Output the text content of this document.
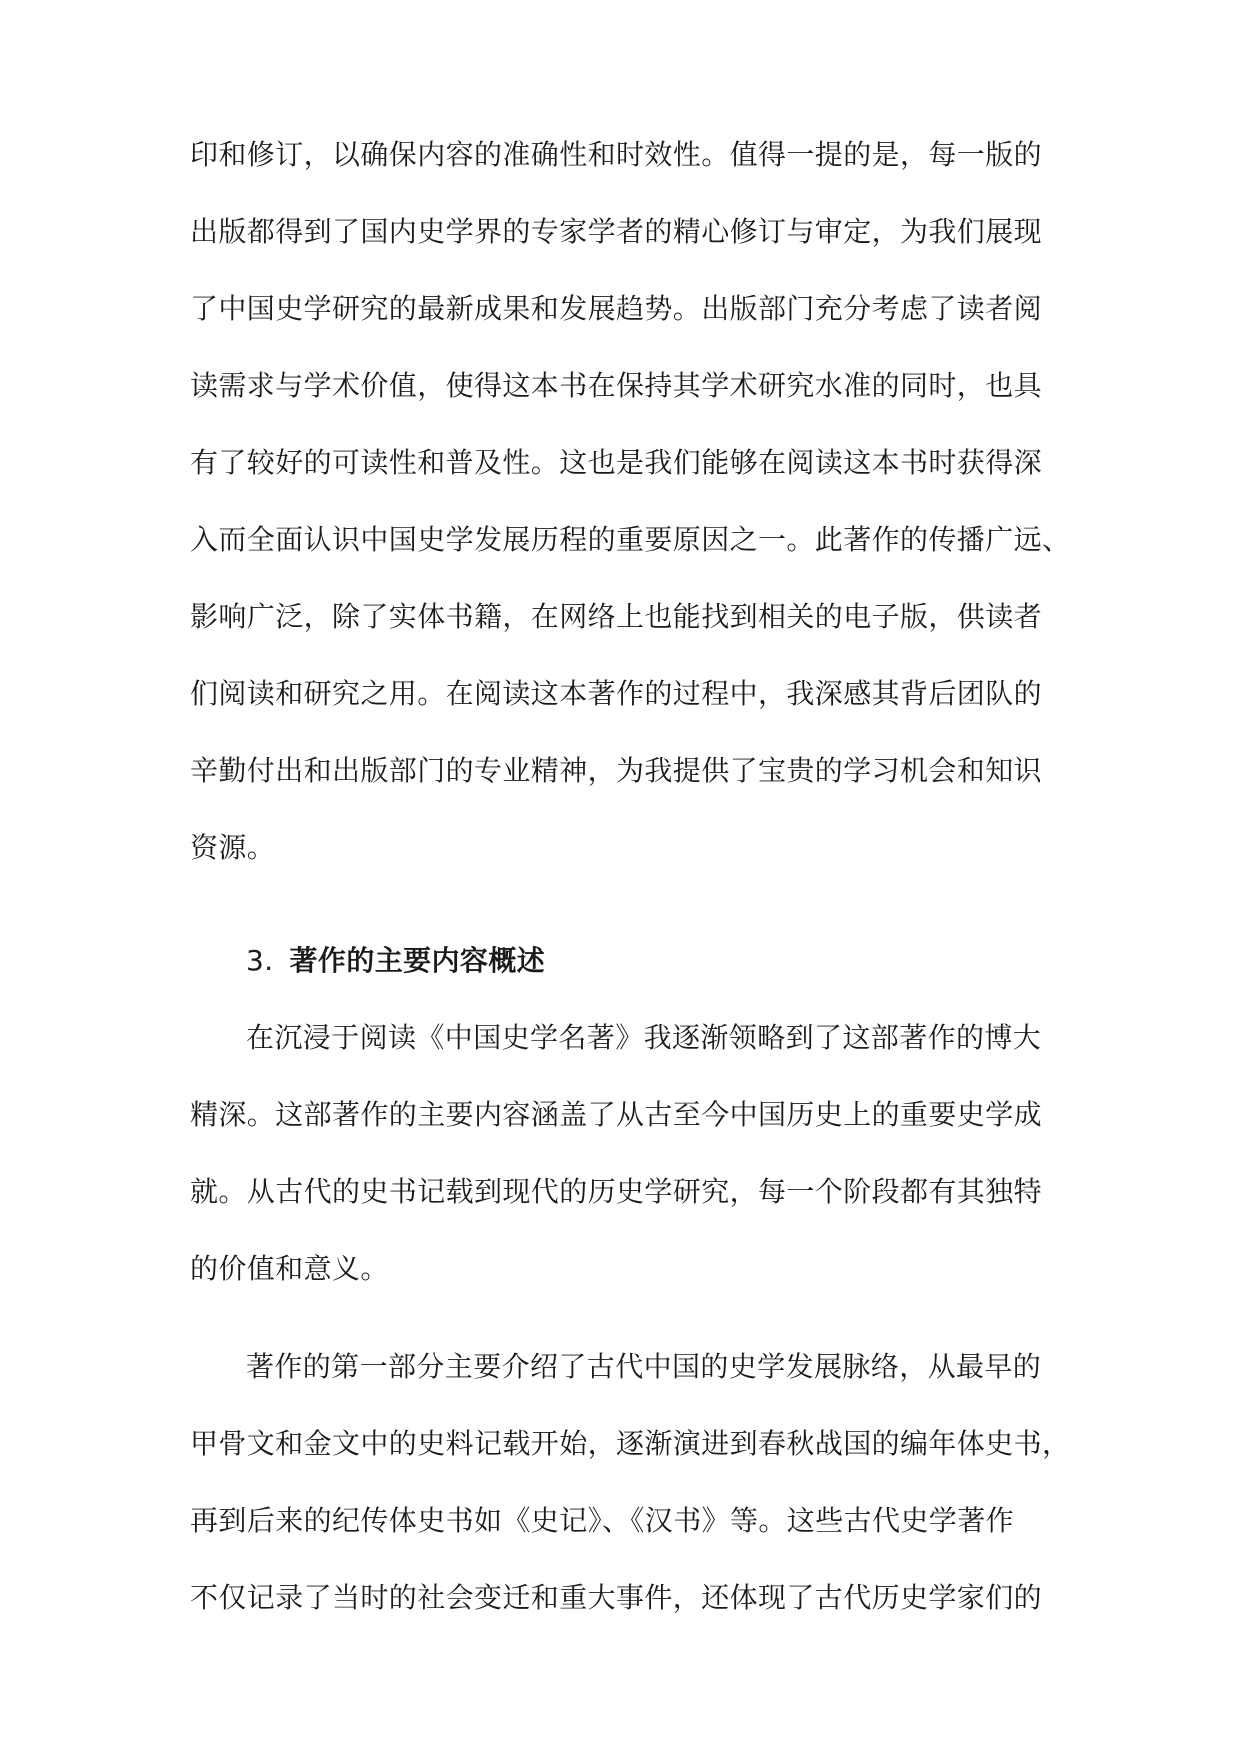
印和修订，以确保内容的准确性和时效性。值得一提的是，每一版的
出版都得到了国内史学界的专家学者的精心修订与审定，为我们展现
了中国史学研究的最新成果和发展趋势。出版部门充分考虑了读者阅
读需求与学术价值，使得这本书在保持其学术研究水准的同时，也具
有了较好的可读性和普及性。这也是我们能够在阅读这本书时获得深
入而全面认识中国史学发展历程的重要原因之一。此著作的传播广远、
影响广泛，除了实体书籍，在网络上也能找到相关的电子版，供读者
们阅读和研究之用。在阅读这本著作的过程中，我深感其背后团队的
辛勤付出和出版部门的专业精神，为我提供了宝贵的学习机会和知识
资源。
3. 著作的主要内容概述
在沉浸于阅读《中国史学名著》我逐渐领略到了这部著作的博大
精深。这部著作的主要内容涵盖了从古至今中国历史上的重要史学成
就。从古代的史书记载到现代的历史学研究，每一个阶段都有其独特
的价值和意义。
著作的第一部分主要介绍了古代中国的史学发展脉络，从最早的
甲骨文和金文中的史料记载开始，逐渐演进到春秋战国的编年体史书，
再到后来的纪传体史书如《史记》、《汉书》等。这些古代史学著作
不仅记录了当时的社会变迁和重大事件，还体现了古代历史学家们的
